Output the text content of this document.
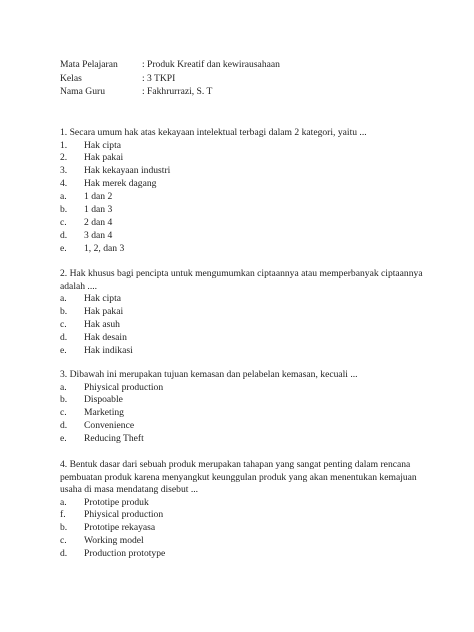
Mata Pelajaran	: Produk Kreatif dan kewirausahaan
Kelas	: 3 TKPI
Nama Guru	: Fakhrurrazi, S. T

1. Secara umum hak atas kekayaan intelektual terbagi dalam 2 kategori, yaitu ...

1. Hak cipta
2. Hak pakai
3. Hak kekayaan industri
4. Hak merek dagang
a. 1 dan 2
b. 1 dan 3
c. 2 dan 4
d. 3 dan 4
e. 1, 2, dan 3

2. Hak khusus bagi pencipta untuk mengumumkan ciptaannya atau memperbanyak ciptaannya adalah ....

a. Hak cipta
b. Hak pakai
c. Hak asuh
d. Hak desain
e. Hak indikasi

3. Dibawah ini merupakan tujuan kemasan dan pelabelan kemasan, kecuali ...

a. Phiysical production
b. Dispoable
c. Marketing
d. Convenience
e. Reducing Theft

4. Bentuk dasar dari sebuah produk merupakan tahapan yang sangat penting dalam rencana pembuatan produk karena menyangkut keunggulan produk yang akan menentukan kemajuan usaha di masa mendatang disebut ...

a. Prototipe produk
f. Phiysical production
b. Prototipe rekayasa
c. Working model
d. Production prototype
